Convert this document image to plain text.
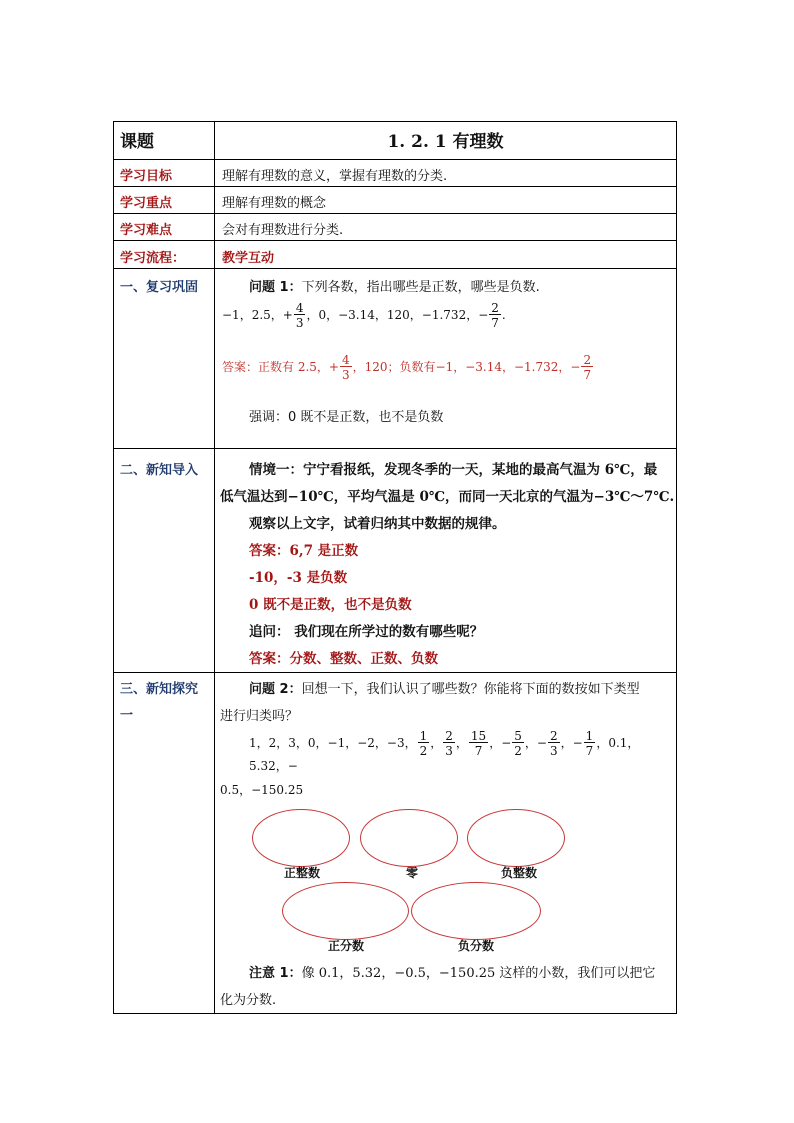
课题	1. 2. 1 有理数
学习目标	理解有理数的意义，掌握有理数的分类.
学习重点	理解有理数的概念
学习难点	会对有理数进行分类.
学习流程：	教学互动
一、复习巩固	问题 1：下列各数，指出哪些是正数，哪些是负数.
−1，2.5，+ $\frac{4}{3}$ ，0，−3.14，120，−1.732，− $\frac{2}{7}$ .
答案：正数有 2.5，+ $\frac{4}{3}$ ，120；负数有−1，−3.14，−1.732，− $\frac{2}{7}$
强调：0 既不是正数，也不是负数
二、新知导入	情境一：宁宁看报纸，发现冬季的一天，某地的最高气温为 6℃，最
低气温达到−10℃，平均气温是 0℃，而同一天北京的气温为−3℃～7℃.
观察以上文字，试着归纳其中数据的规律。
答案：6,7 是正数
-10，-3 是负数
0 既不是正数，也不是负数
追问： 我们现在所学过的数有哪些呢？
答案：分数、整数、正数、负数
三、新知探究
一
问题 2：回想一下，我们认识了哪些数？你能将下面的数按如下类型
进行归类吗？
1，2，3，0，−1，−2，−3， $\frac{1}{2}$ ， $\frac{2}{3}$ ， $\frac{15}{7}$ ，− $\frac{5}{2}$ ，− $\frac{2}{3}$ ，− $\frac{1}{7}$ ，0.1，5.32，−
0.5，−150.25
正整数	零	负整数
正分数	负分数
注意 1：像 0.1，5.32，−0.5，−150.25 这样的小数，我们可以把它
化为分数.
